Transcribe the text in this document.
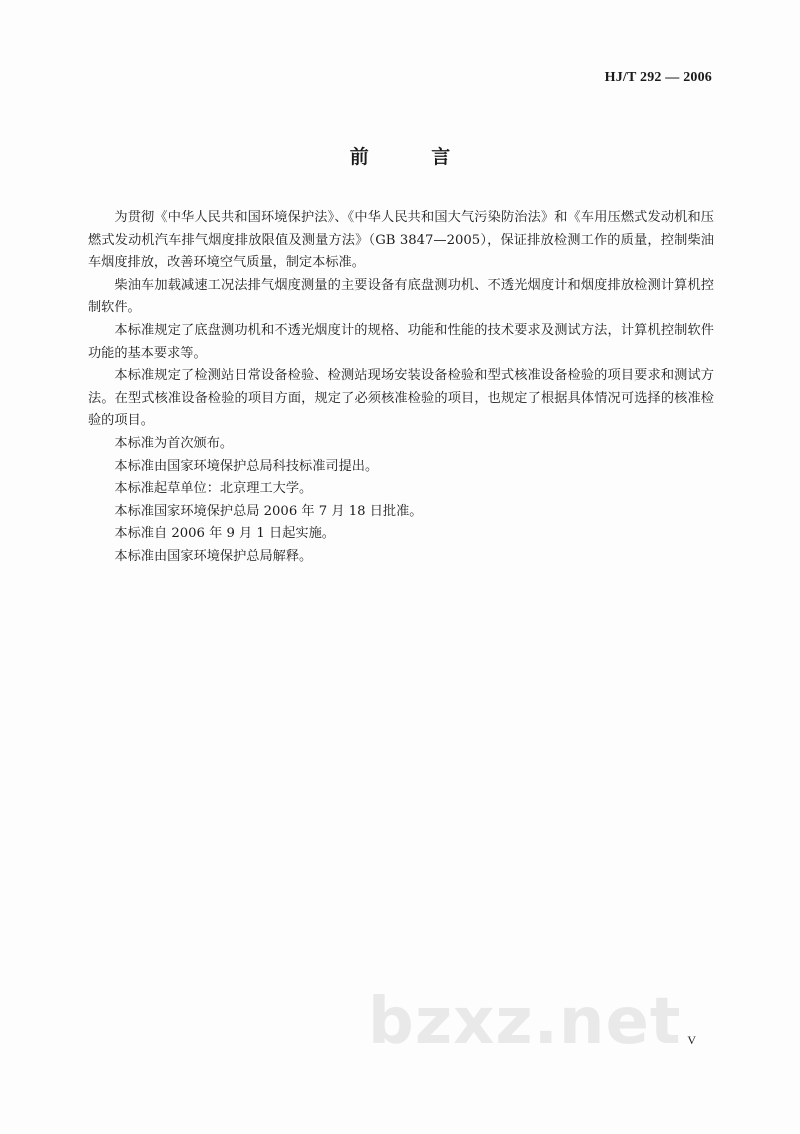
HJ/T 292 — 2006
前 言

为贯彻《中华人民共和国环境保护法》、《中华人民共和国大气污染防治法》和《车用压燃式发动机和压燃式发动机汽车排气烟度排放限值及测量方法》（GB 3847—2005），保证排放检测工作的质量，控制柴油车烟度排放，改善环境空气质量，制定本标准。

柴油车加载减速工况法排气烟度测量的主要设备有底盘测功机、不透光烟度计和烟度排放检测计算机控制软件。

本标准规定了底盘测功机和不透光烟度计的规格、功能和性能的技术要求及测试方法，计算机控制软件功能的基本要求等。

本标准规定了检测站日常设备检验、检测站现场安装设备检验和型式核准设备检验的项目要求和测试方法。在型式核准设备检验的项目方面，规定了必须核准检验的项目，也规定了根据具体情况可选择的核准检验的项目。

本标准为首次颁布。

本标准由国家环境保护总局科技标准司提出。

本标准起草单位：北京理工大学。

本标准国家环境保护总局 2006 年 7 月 18 日批准。

本标准自 2006 年 9 月 1 日起实施。

本标准由国家环境保护总局解释。

bzxz.net V
